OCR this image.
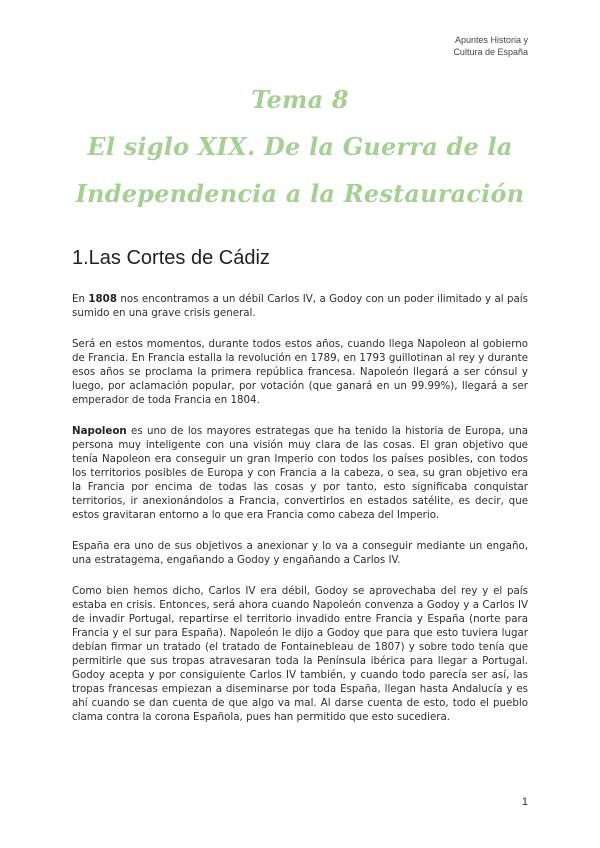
Apuntes Historia y
Cultura de España
Tema 8
El siglo XIX. De la Guerra de la
Independencia a la Restauración
1.Las Cortes de Cádiz

En 1808 nos encontramos a un débil Carlos IV, a Godoy con un poder ilimitado y al país sumido en una grave crisis general.

Será en estos momentos, durante todos estos años, cuando llega Napoleon al gobierno de Francia. En Francia estalla la revolución en 1789, en 1793 guillotinan al rey y durante esos años se proclama la primera república francesa. Napoleón llegará a ser cónsul y luego, por aclamación popular, por votación (que ganará en un 99.99%), llegará a ser emperador de toda Francia en 1804.

Napoleon es uno de los mayores estrategas que ha tenido la historia de Europa, una persona muy inteligente con una visión muy clara de las cosas. El gran objetivo que tenía Napoleon era conseguir un gran Imperio con todos los países posibles, con todos los territorios posibles de Europa y con Francia a la cabeza, o sea, su gran objetivo era la Francia por encima de todas las cosas y por tanto, esto significaba conquistar territorios, ir anexionándolos a Francia, convertirlos en estados satélite, es decir, que estos gravitaran entorno a lo que era Francia como cabeza del Imperio.

España era uno de sus objetivos a anexionar y lo va a conseguir mediante un engaño, una estratagema, engañando a Godoy y engañando a Carlos IV.

Como bien hemos dicho, Carlos IV era débil, Godoy se aprovechaba del rey y el país estaba en crisis. Entonces, será ahora cuando Napoleón convenza a Godoy y a Carlos IV de invadir Portugal, repartirse el territorio invadido entre Francia y España (norte para Francia y el sur para España). Napoleón le dijo a Godoy que para que esto tuviera lugar debían firmar un tratado (el tratado de Fontainebleau de 1807) y sobre todo tenía que permitirle que sus tropas atravesaran toda la Península ibérica para llegar a Portugal. Godoy acepta y por consiguiente Carlos IV también, y cuando todo parecía ser así, las tropas francesas empiezan a diseminarse por toda España, llegan hasta Andalucía y es ahí cuando se dan cuenta de que algo va mal. Al darse cuenta de esto, todo el pueblo clama contra la corona Española, pues han permitido que esto sucediera.

1
